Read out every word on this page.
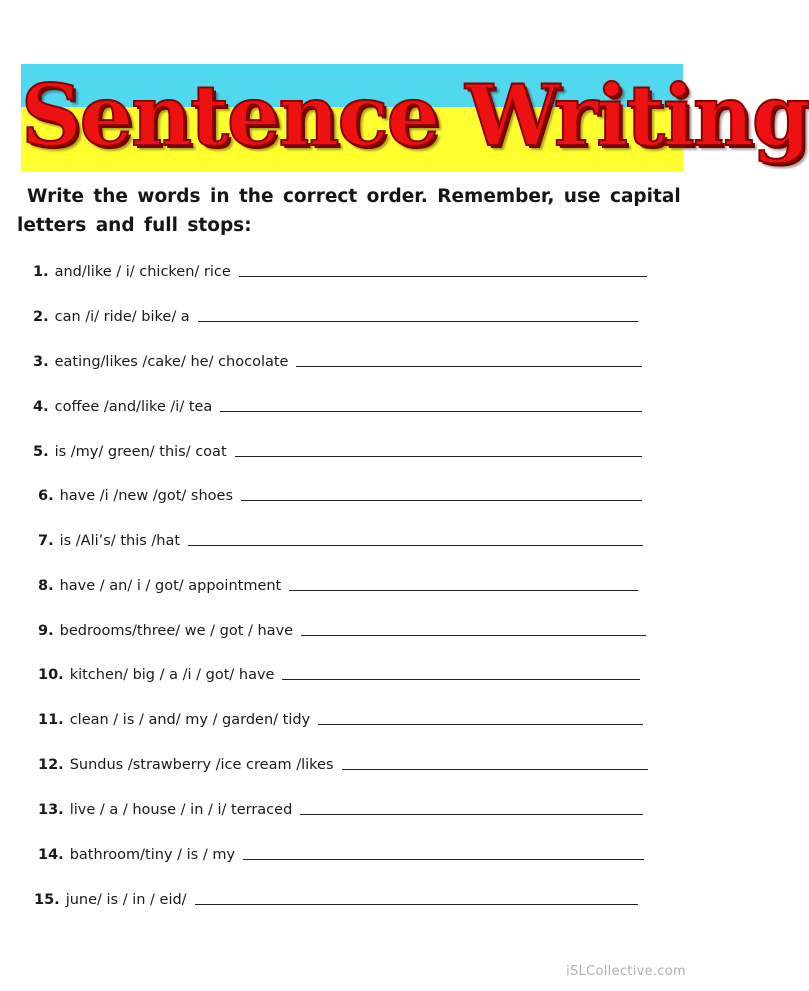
Sentence Writing
Write the words in the correct order. Remember, use capital
letters and full stops:
1. and/like / i/ chicken/ rice
2. can /i/ ride/ bike/ a
3. eating/likes /cake/ he/ chocolate
4. coffee /and/like /i/ tea
5. is /my/ green/ this/ coat
6. have /i /new /got/ shoes
7. is /Ali’s/ this /hat
8. have / an/ i / got/ appointment
9. bedrooms/three/ we / got / have
10. kitchen/ big / a /i / got/ have
11. clean / is / and/ my / garden/ tidy
12. Sundus /strawberry /ice cream /likes
13. live / a / house / in / i/ terraced
14. bathroom/tiny / is / my
15. june/ is / in / eid/
iSLCollective.com
